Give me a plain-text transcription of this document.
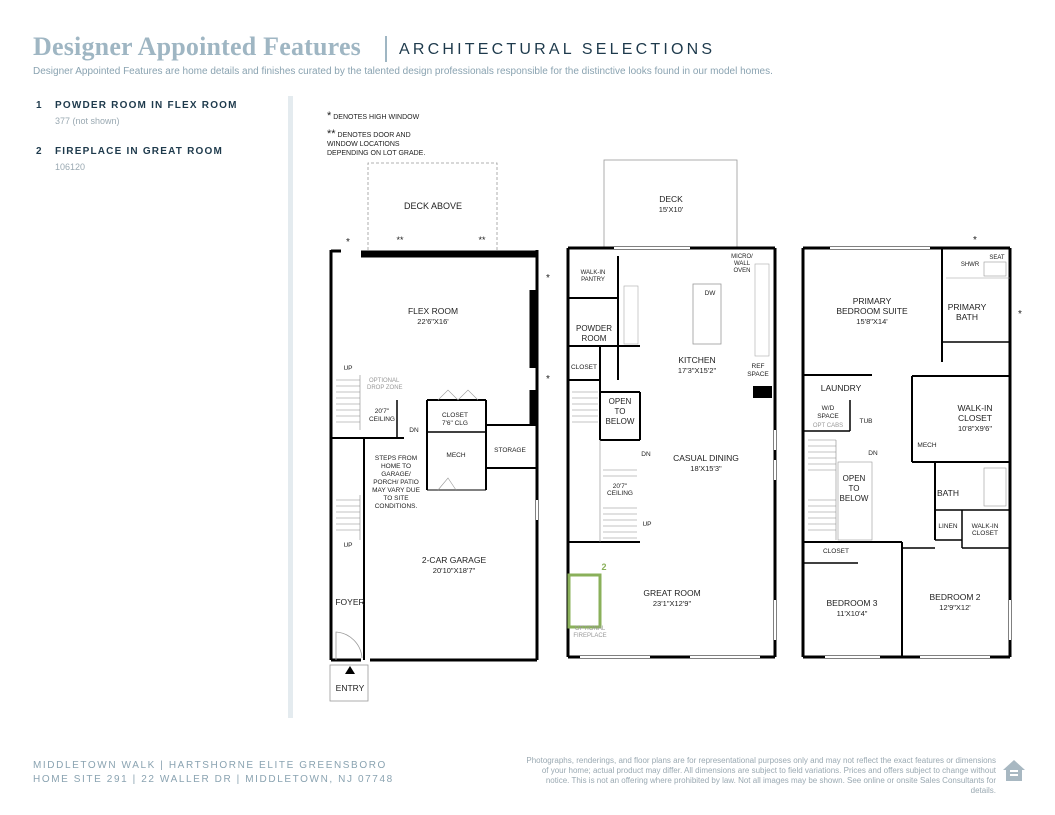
Designer Appointed Features ARCHITECTURAL SELECTIONS
Designer Appointed Features are home details and finishes curated by the talented design professionals responsible for the distinctive looks found in our model homes.
1 POWDER ROOM IN FLEX ROOM
377 (not shown)
2 FIREPLACE IN GREAT ROOM
106120
* DENOTES HIGH WINDOW
** DENOTES DOOR AND
WINDOW LOCATIONS
DEPENDING ON LOT GRADE.
DECK ABOVE
*	**	**
*
*
FLEX ROOM
22'6"X16'
UP
OPTIONAL
DROP ZONE
20'7"
CEILING
DN
CLOSET
7'6" CLG
MECH
STORAGE
STEPS FROM
HOME TO
GARAGE/
PORCH/ PATIO
MAY VARY DUE
TO SITE
CONDITIONS.
UP
2-CAR GARAGE
20'10"X18'7"
FOYER
ENTRY
DECK
15'X10'
WALK-IN
PANTRY
MICRO/
WALL
OVEN
DW
POWDER
ROOM
KITCHEN
17'3"X15'2"	REF
SPACE
CLOSET
OPEN
TO
BELOW
DN	CASUAL DINING
18'X15'3"
20'7"
CEILING
UP
2
OPTIONAL
FIREPLACE
GREAT ROOM
23'1"X12'9"
*
*
SHWR
SEAT
PRIMARY
BEDROOM SUITE
15'8"X14'
PRIMARY
BATH
LAUNDRY
W/D
SPACE
OPT CABS
TUB
WALK-IN
CLOSET
10'8"X9'6"
MECH
DN
OPEN
TO
BELOW
BATH
LINEN WALK-IN
CLOSET
CLOSET
BEDROOM 3
11'X10'4"
BEDROOM 2
12'9"X12'
MIDDLETOWN WALK | HARTSHORNE ELITE GREENSBORO
HOME SITE 291 | 22 WALLER DR | MIDDLETOWN, NJ 07748
Photographs, renderings, and floor plans are for representational purposes only and may not reflect the exact features or dimensions of your home; actual product may differ. All dimensions are subject to field variations. Prices and offers subject to change without notice. This is not an offering where prohibited by law. Not all images may be shown. See online or onsite Sales Consultants for details.
